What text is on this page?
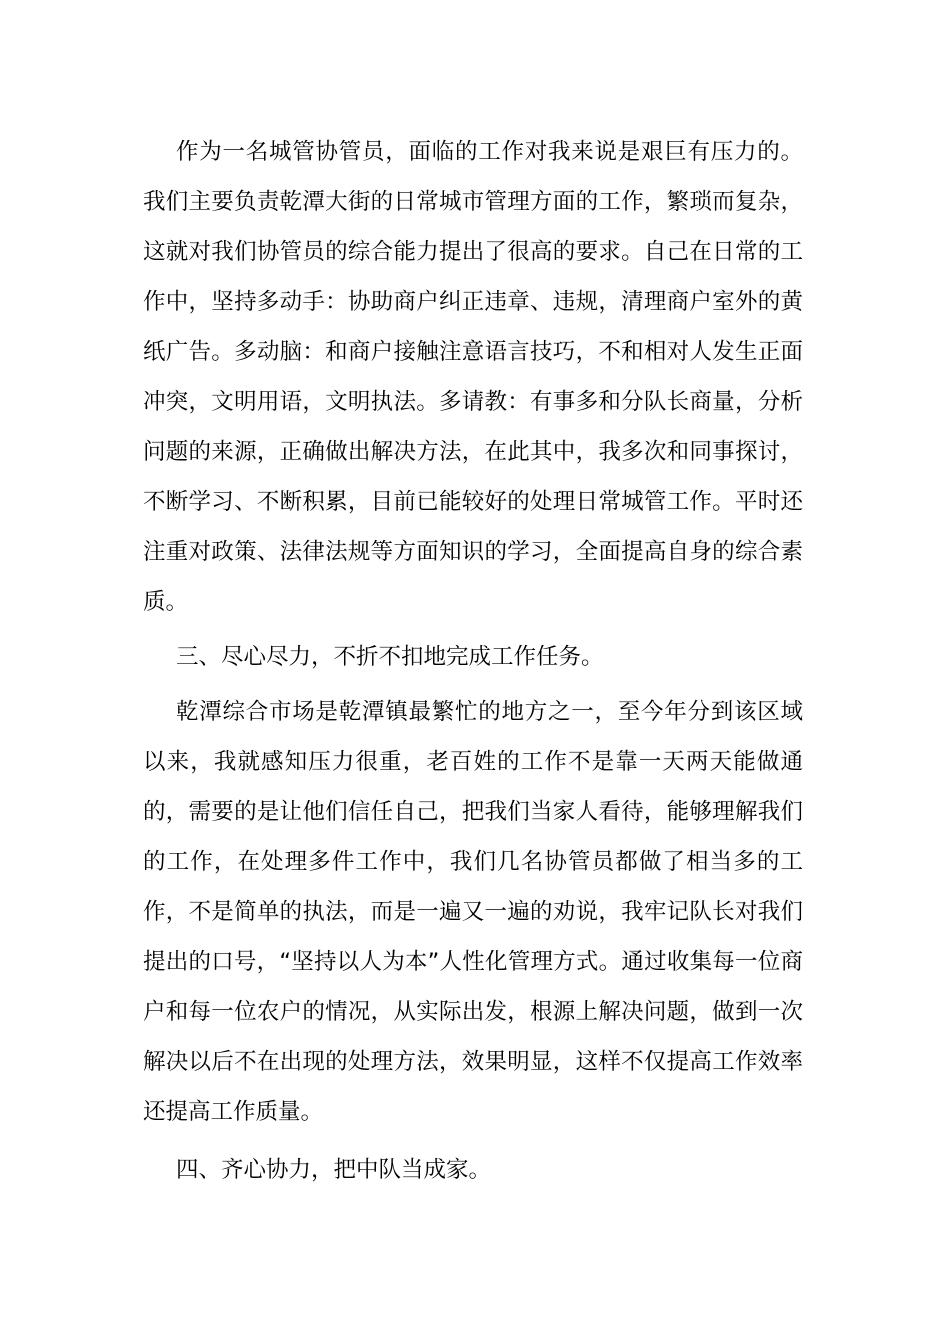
作为一名城管协管员，面临的工作对我来说是艰巨有压力的。我们主要负责乾潭大街的日常城市管理方面的工作，繁琐而复杂，这就对我们协管员的综合能力提出了很高的要求。自己在日常的工作中，坚持多动手：协助商户纠正违章、违规，清理商户室外的黄纸广告。多动脑：和商户接触注意语言技巧，不和相对人发生正面冲突，文明用语，文明执法。多请教：有事多和分队长商量，分析问题的来源，正确做出解决方法，在此其中，我多次和同事探讨，不断学习、不断积累，目前已能较好的处理日常城管工作。平时还注重对政策、法律法规等方面知识的学习，全面提高自身的综合素质。

三、尽心尽力，不折不扣地完成工作任务。

乾潭综合市场是乾潭镇最繁忙的地方之一，至今年分到该区域以来，我就感知压力很重，老百姓的工作不是靠一天两天能做通的，需要的是让他们信任自己，把我们当家人看待，能够理解我们的工作，在处理多件工作中，我们几名协管员都做了相当多的工作，不是简单的执法，而是一遍又一遍的劝说，我牢记队长对我们提出的口号，“坚持以人为本”人性化管理方式。通过收集每一位商户和每一位农户的情况，从实际出发，根源上解决问题，做到一次解决以后不在出现的处理方法，效果明显，这样不仅提高工作效率还提高工作质量。

四、齐心协力，把中队当成家。
